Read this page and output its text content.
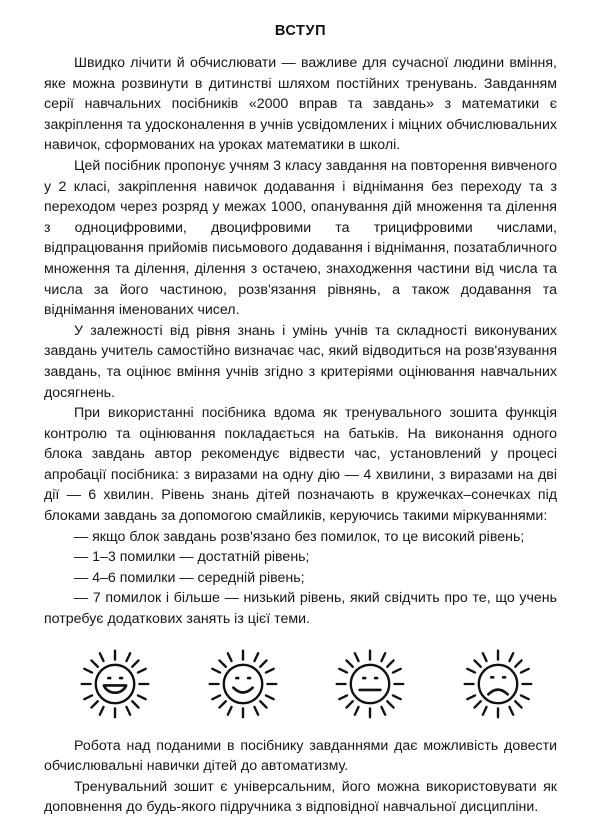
ВСТУП

Швидко лічити й обчислювати — важливе для сучасної людини вміння, яке можна розвинути в дитинстві шляхом постійних тренувань. Завданням серії навчальних посібників «2000 вправ та завдань» з математики є закріплення та удосконалення в учнів усвідомлених і міцних обчислювальних навичок, сформованих на уроках математики в школі.

Цей посібник пропонує учням 3 класу завдання на повторення вивченого у 2 класі, закріплення навичок додавання і віднімання без переходу та з переходом через розряд у межах 1000, опанування дій множення та ділення з одноцифровими, двоцифровими та трицифровими числами, відпрацювання прийомів письмового додавання і віднімання, позатабличного множення та ділення, ділення з остачею, знаходження частини від числа та числа за його частиною, розв'язання рівнянь, а також додавання та віднімання іменованих чисел.

У залежності від рівня знань і умінь учнів та складності виконуваних завдань учитель самостійно визначає час, який відводиться на розв'язування завдань, та оцінює вміння учнів згідно з критеріями оцінювання навчальних досягнень.

При використанні посібника вдома як тренувального зошита функція контролю та оцінювання покладається на батьків. На виконання одного блока завдань автор рекомендує відвести час, установлений у процесі апробації посібника: з виразами на одну дію — 4 хвилини, з виразами на дві дії — 6 хвилин. Рівень знань дітей позначають в кружечках–сонечках під блоками завдань за допомогою смайликів, керуючись такими міркуваннями:

— якщо блок завдань розв'язано без помилок, то це високий рівень;

— 1–3 помилки — достатній рівень;

— 4–6 помилки — середній рівень;

— 7 помилок і більше — низький рівень, який свідчить про те, що учень потребує додаткових занять із цієї теми.

Робота над поданими в посібнику завданнями дає можливість довести обчислювальні навички дітей до автоматизму.

Тренувальний зошит є універсальним, його можна використовувати як доповнення до будь-якого підручника з відповідної навчальної дисципліни.
